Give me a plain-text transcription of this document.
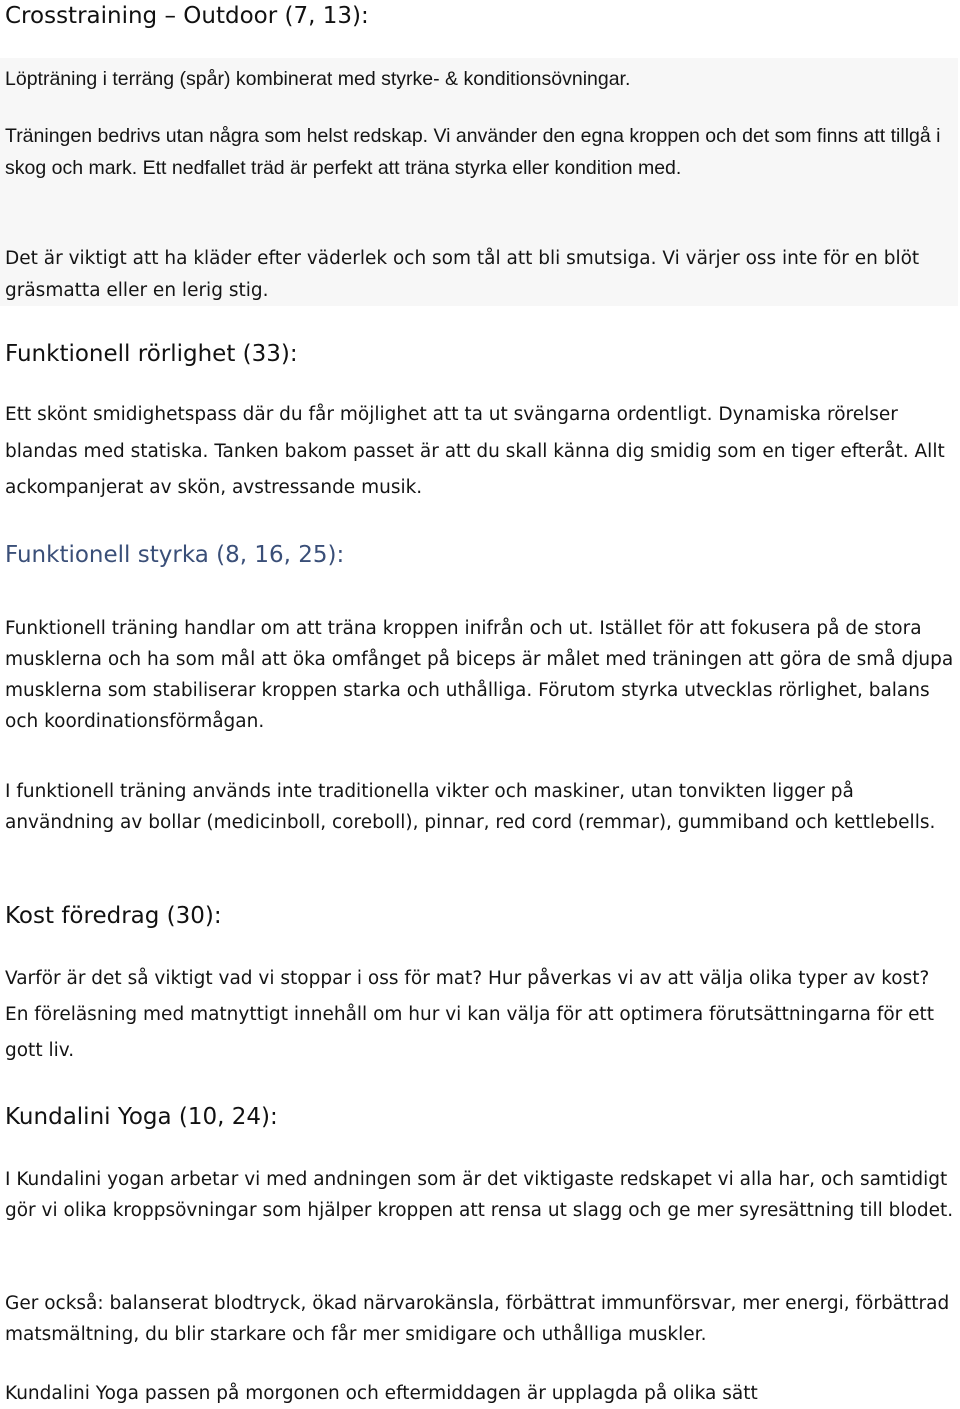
Crosstraining – Outdoor (7, 13):

Löpträning i terräng (spår) kombinerat med styrke- & konditionsövningar.

Träningen bedrivs utan några som helst redskap. Vi använder den egna kroppen och det som finns att tillgå i skog och mark. Ett nedfallet träd är perfekt att träna styrka eller kondition med.

Det är viktigt att ha kläder efter väderlek och som tål att bli smutsiga. Vi värjer oss inte för en blöt gräsmatta eller en lerig stig.

Funktionell rörlighet (33):

Ett skönt smidighetspass där du får möjlighet att ta ut svängarna ordentligt. Dynamiska rörelser blandas med statiska. Tanken bakom passet är att du skall känna dig smidig som en tiger efteråt. Allt ackompanjerat av skön, avstressande musik.

Funktionell styrka (8, 16, 25):

Funktionell träning handlar om att träna kroppen inifrån och ut. Istället för att fokusera på de stora musklerna och ha som mål att öka omfånget på biceps är målet med träningen att göra de små djupa musklerna som stabiliserar kroppen starka och uthålliga. Förutom styrka utvecklas rörlighet, balans och koordinationsförmågan.

I funktionell träning används inte traditionella vikter och maskiner, utan tonvikten ligger på användning av bollar (medicinboll, coreboll), pinnar, red cord (remmar), gummiband och kettlebells.

Kost föredrag (30):

Varför är det så viktigt vad vi stoppar i oss för mat? Hur påverkas vi av att välja olika typer av kost? En föreläsning med matnyttigt innehåll om hur vi kan välja för att optimera förutsättningarna för ett gott liv.

Kundalini Yoga (10, 24):

I Kundalini yogan arbetar vi med andningen som är det viktigaste redskapet vi alla har, och samtidigt gör vi olika kroppsövningar som hjälper kroppen att rensa ut slagg och ge mer syresättning till blodet.

Ger också: balanserat blodtryck, ökad närvarokänsla, förbättrat immunförsvar, mer energi, förbättrad matsmältning, du blir starkare och får mer smidigare och uthålliga muskler.

Kundalini Yoga passen på morgonen och eftermiddagen är upplagda på olika sätt
